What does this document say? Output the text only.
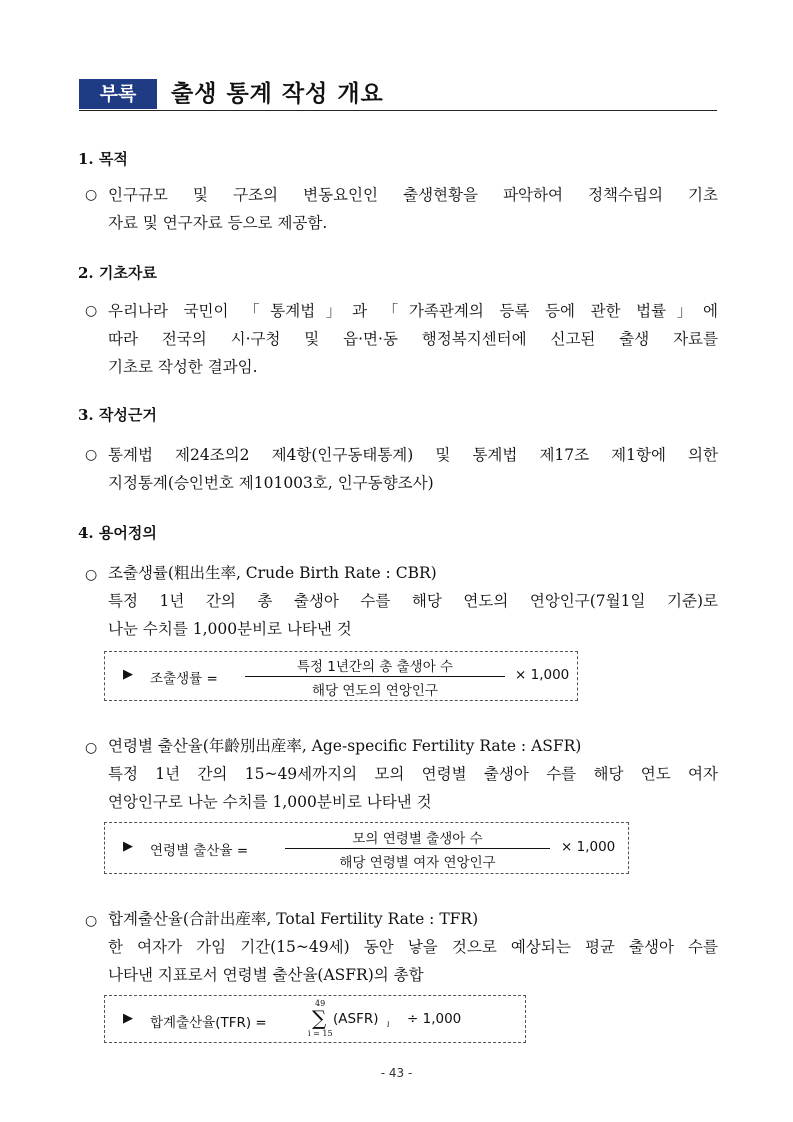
부록	출생 통계 작성 개요
1. 목적
○ 인구규모 및 구조의 변동요인인 출생현황을 파악하여 정책수립의 기초
자료 및 연구자료 등으로 제공함.
2. 기초자료
○ 우리나라 국민이 「통계법」과 「가족관계의 등록 등에 관한 법률」에
따라 전국의 시·구청 및 읍·면·동 행정복지센터에 신고된 출생 자료를
기초로 작성한 결과임.
3. 작성근거
○ 통계법 제24조의2 제4항(인구동태통계) 및 통계법 제17조 제1항에 의한
지정통계(승인번호 제101003호, 인구동향조사)
4. 용어정의
○ 조출생률(粗出生率, Crude Birth Rate : CBR)
특정 1년 간의 총 출생아 수를 해당 연도의 연앙인구(7월1일 기준)로
나눈 수치를 1,000분비로 나타낸 것
▶ 조출생률 =
특정 1년간의 총 출생아 수
해당 연도의 연앙인구
× 1,000
○ 연령별 출산율(年齡別出産率, Age-specific Fertility Rate : ASFR)
특정 1년 간의 15~49세까지의 모의 연령별 출생아 수를 해당 연도 여자
연앙인구로 나눈 수치를 1,000분비로 나타낸 것
▶ 연령별 출산율 =
모의 연령별 출생아 수
해당 연령별 여자 연앙인구
× 1,000
○ 합계출산율(合計出産率, Total Fertility Rate : TFR)
한 여자가 가임 기간(15~49세) 동안 낳을 것으로 예상되는 평균 출생아 수를
나타낸 지표로서 연령별 출산율(ASFR)의 총합
▶ 합계출산율(TFR) =
49
∑
i = 15
(ASFR) i ÷ 1,000
- 43 -
